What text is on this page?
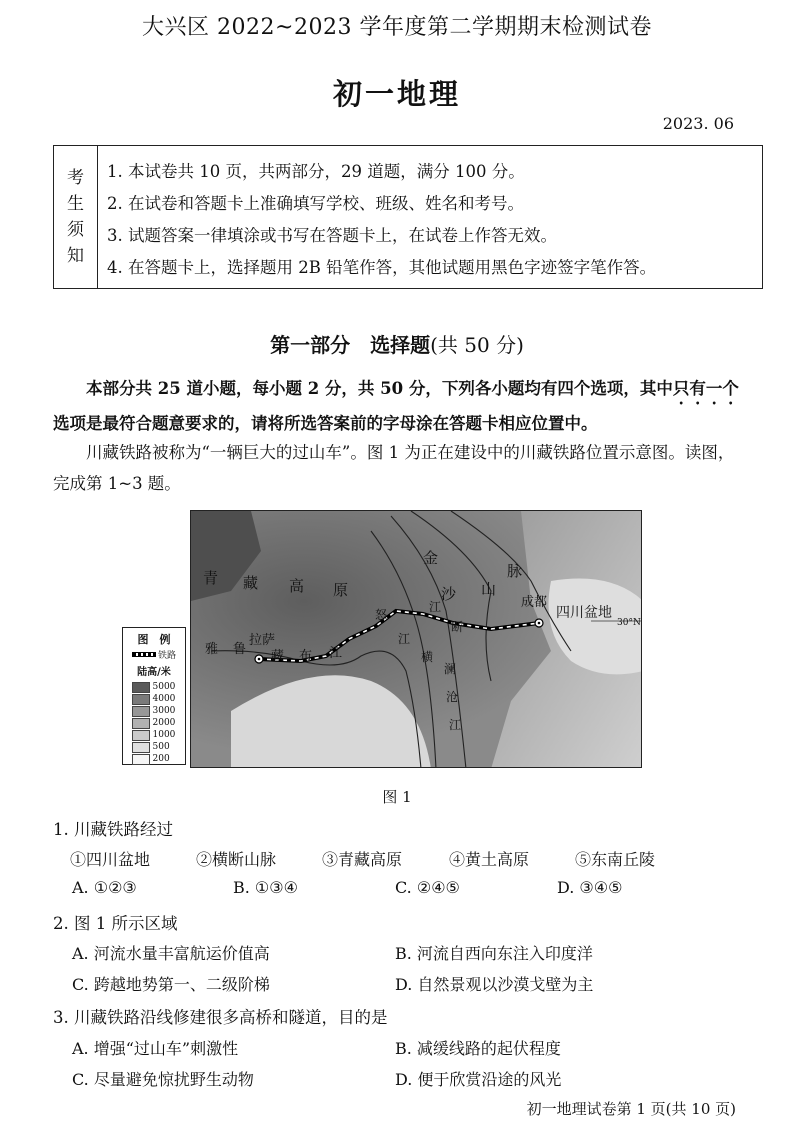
大兴区 2022~2023 学年度第二学期期末检测试卷
初一地理
2023. 06
考
生
须
知
1. 本试卷共 10 页，共两部分，29 道题，满分 100 分。
2. 在试卷和答题卡上准确填写学校、班级、姓名和考号。
3. 试题答案一律填涂或书写在答题卡上，在试卷上作答无效。
4. 在答题卡上，选择题用 2B 铅笔作答，其他试题用黑色字迹签字笔作答。
第一部分　选择题(共 50 分)
本部分共 25 道小题，每小题 2 分，共 50 分，下列各小题均有四个选项，其中只有一个选项是最符合题意要求的，请将所选答案前的字母涂在答题卡相应位置中。
川藏铁路被称为“一辆巨大的过山车”。图 1 为正在建设中的川藏铁路位置示意图。读图，完成第 1~3 题。
青 藏 高 原
金
沙
江
脉
山
断
横
澜
沧
江
怒
江
成都
四川盆地
30°N
拉萨
雅 鲁 藏 布 江
图　例
铁路
陆高/米
5000
4000
3000
2000
1000
500
200
图 1
1. 川藏铁路经过
①四川盆地	②横断山脉	③青藏高原	④黄土高原	⑤东南丘陵
A. ①②③	B. ①③④	C. ②④⑤	D. ③④⑤
2. 图 1 所示区域
A. 河流水量丰富航运价值高	B. 河流自西向东注入印度洋
C. 跨越地势第一、二级阶梯	D. 自然景观以沙漠戈壁为主
3. 川藏铁路沿线修建很多高桥和隧道，目的是
A. 增强“过山车”刺激性	B. 减缓线路的起伏程度
C. 尽量避免惊扰野生动物	D. 便于欣赏沿途的风光
初一地理试卷第 1 页(共 10 页)
